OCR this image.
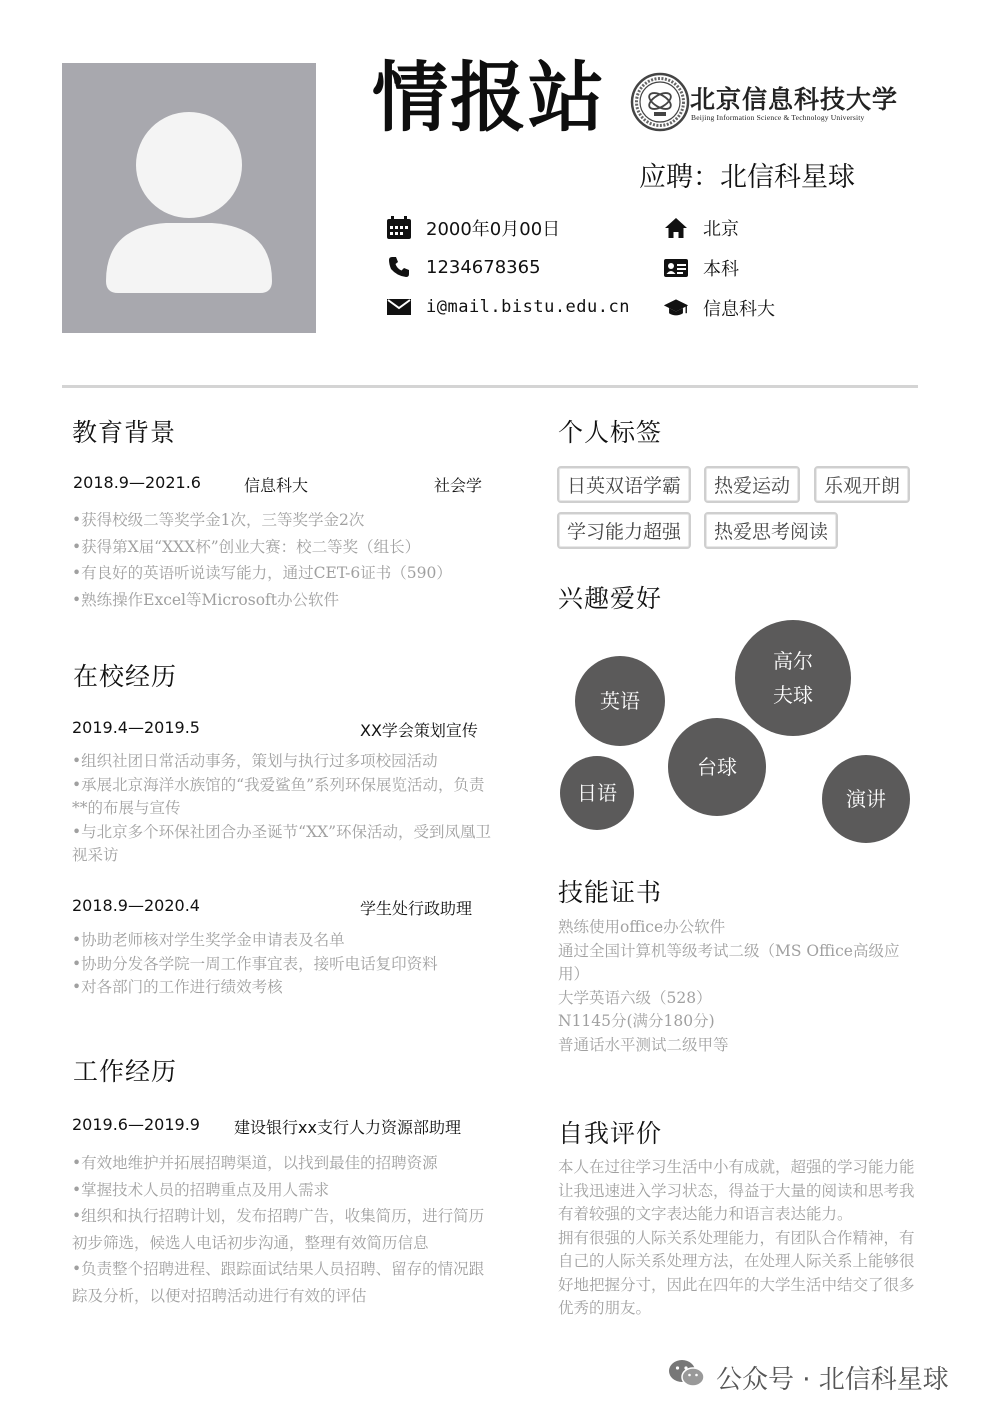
情报站	北京信息科技大学
Beijing Information Science & Technology University
应聘：北信科星球
2000年0月00日
1234678365
i@mail.bistu.edu.cn
北京
本科
信息科大
教育背景
2018.9—2021.6	信息科大	社会学
•获得校级二等奖学金1次，三等奖学金2次
•获得第X届“XXX杯”创业大赛：校二等奖（组长）
•有良好的英语听说读写能力，通过CET-6证书（590）
•熟练操作Excel等Microsoft办公软件
在校经历
2019.4—2019.5	XX学会策划宣传
•组织社团日常活动事务，策划与执行过多项校园活动
•承展北京海洋水族馆的“我爱鲨鱼”系列环保展览活动，负责**的布展与宣传
•与北京多个环保社团合办圣诞节“XX”环保活动，受到凤凰卫视采访
2018.9—2020.4	学生处行政助理
•协助老师核对学生奖学金申请表及名单
•协助分发各学院一周工作事宜表，接听电话复印资料
•对各部门的工作进行绩效考核
工作经历
2019.6—2019.9 建设银行xx支行人力资源部助理
•有效地维护并拓展招聘渠道，以找到最佳的招聘资源
•掌握技术人员的招聘重点及用人需求
•组织和执行招聘计划，发布招聘广告，收集简历，进行简历初步筛选，候选人电话初步沟通，整理有效简历信息
•负责整个招聘进程、跟踪面试结果人员招聘、留存的情况跟踪及分析，以便对招聘活动进行有效的评估
个人标签
日英双语学霸	热爱运动	乐观开朗
学习能力超强	热爱思考阅读
兴趣爱好
英语
高尔夫球
台球
日语	演讲
技能证书
熟练使用office办公软件
通过全国计算机等级考试二级（MS Office高级应用）
大学英语六级（528）
N1145分(满分180分)
普通话水平测试二级甲等
自我评价
本人在过往学习生活中小有成就，超强的学习能力能让我迅速进入学习状态，得益于大量的阅读和思考我有着较强的文字表达能力和语言表达能力。
拥有很强的人际关系处理能力，有团队合作精神，有自己的人际关系处理方法，在处理人际关系上能够很好地把握分寸，因此在四年的大学生活中结交了很多优秀的朋友。
公众号 · 北信科星球
